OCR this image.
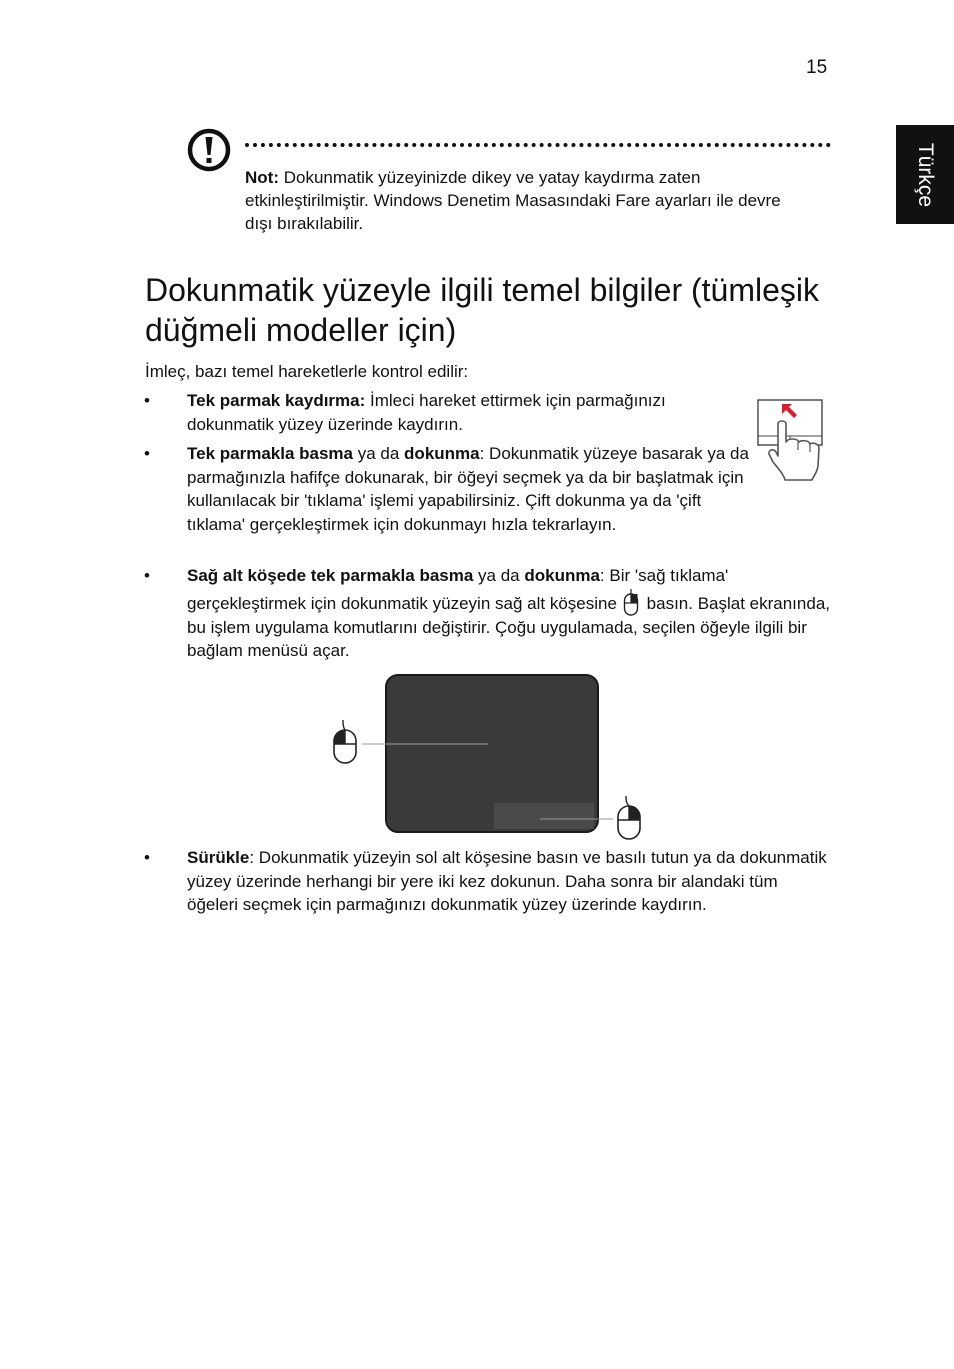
15
Türkçe
Not: Dokunmatik yüzeyinizde dikey ve yatay kaydırma zaten etkinleştirilmiştir. Windows Denetim Masasındaki Fare ayarları ile devre dışı bırakılabilir.
Dokunmatik yüzeyle ilgili temel bilgiler (tümleşik düğmeli modeller için)
İmleç, bazı temel hareketlerle kontrol edilir:
• Tek parmak kaydırma: İmleci hareket ettirmek için parmağınızı dokunmatik yüzey üzerinde kaydırın.
• Tek parmakla basma ya da dokunma: Dokunmatik yüzeye basarak ya da parmağınızla hafifçe dokunarak, bir öğeyi seçmek ya da bir başlatmak için kullanılacak bir 'tıklama' işlemi yapabilirsiniz. Çift dokunma ya da 'çift tıklama' gerçekleştirmek için dokunmayı hızla tekrarlayın.
• Sağ alt köşede tek parmakla basma ya da dokunma: Bir 'sağ tıklama' gerçekleştirmek için dokunmatik yüzeyin sağ alt köşesine basın. Başlat ekranında, bu işlem uygulama komutlarını değiştirir. Çoğu uygulamada, seçilen öğeyle ilgili bir bağlam menüsü açar.
• Sürükle: Dokunmatik yüzeyin sol alt köşesine basın ve basılı tutun ya da dokunmatik yüzey üzerinde herhangi bir yere iki kez dokunun. Daha sonra bir alandaki tüm öğeleri seçmek için parmağınızı dokunmatik yüzey üzerinde kaydırın.
